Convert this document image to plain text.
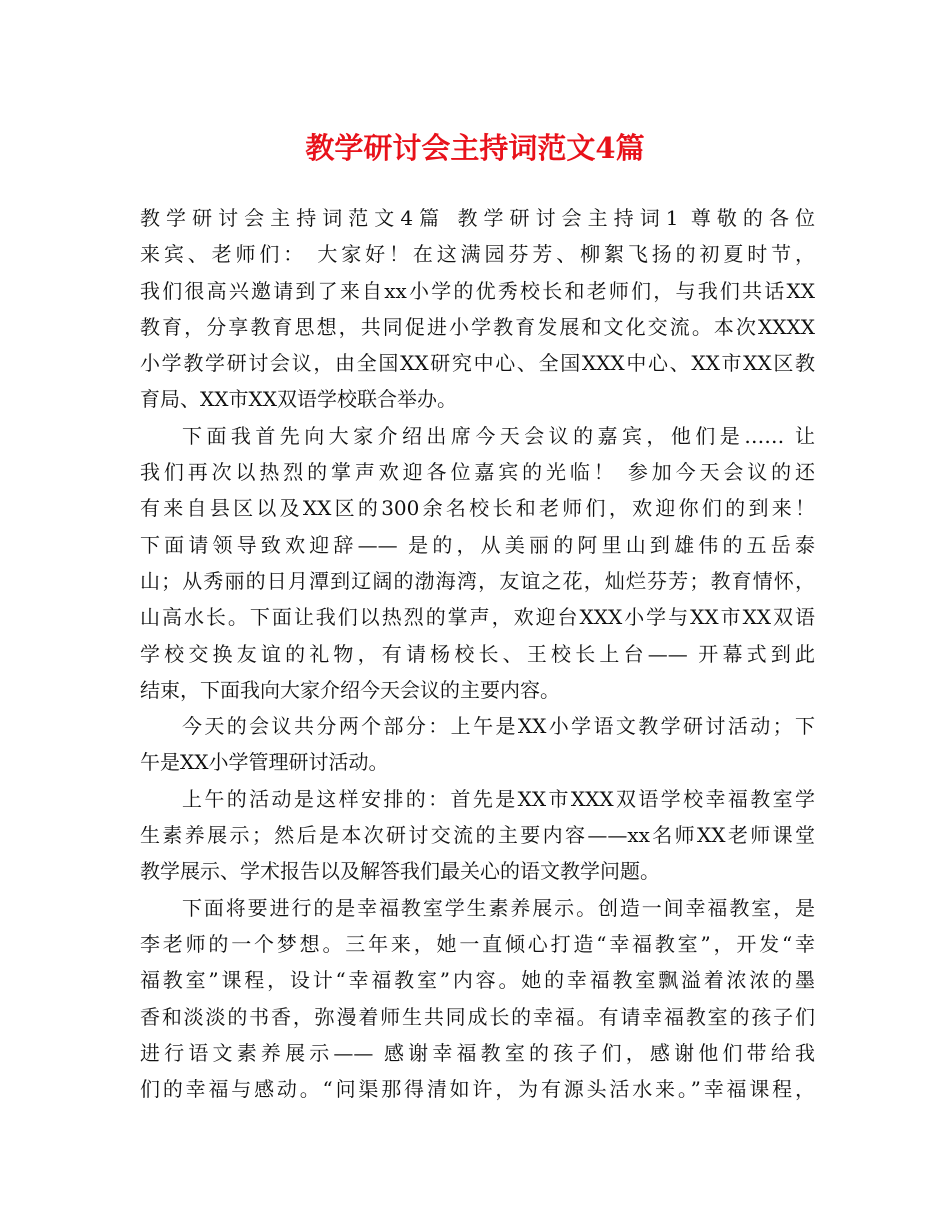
教学研讨会主持词范文4篇
教学研讨会主持词范文4篇 教学研讨会主持词1 尊敬的各位
来宾、老师们： 大家好！在这满园芬芳、柳絮飞扬的初夏时节，
我们很高兴邀请到了来自xx小学的优秀校长和老师们，与我们共话XX
教育，分享教育思想，共同促进小学教育发展和文化交流。本次XXXX
小学教学研讨会议，由全国XX研究中心、全国XXX中心、XX市XX区教
育局、XX市XX双语学校联合举办。
下面我首先向大家介绍出席今天会议的嘉宾，他们是…… 让
我们再次以热烈的掌声欢迎各位嘉宾的光临！ 参加今天会议的还
有来自县区以及XX区的300余名校长和老师们，欢迎你们的到来！
下面请领导致欢迎辞—— 是的，从美丽的阿里山到雄伟的五岳泰
山；从秀丽的日月潭到辽阔的渤海湾，友谊之花，灿烂芬芳；教育情怀，
山高水长。下面让我们以热烈的掌声，欢迎台XXX小学与XX市XX双语
学校交换友谊的礼物，有请杨校长、王校长上台—— 开幕式到此
结束，下面我向大家介绍今天会议的主要内容。
今天的会议共分两个部分：上午是XX小学语文教学研讨活动；下
午是XX小学管理研讨活动。
上午的活动是这样安排的：首先是XX市XXX双语学校幸福教室学
生素养展示；然后是本次研讨交流的主要内容——xx名师XX老师课堂
教学展示、学术报告以及解答我们最关心的语文教学问题。
下面将要进行的是幸福教室学生素养展示。创造一间幸福教室，是
李老师的一个梦想。三年来，她一直倾心打造“幸福教室”，开发“幸
福教室”课程，设计“幸福教室”内容。她的幸福教室飘溢着浓浓的墨
香和淡淡的书香，弥漫着师生共同成长的幸福。有请幸福教室的孩子们
进行语文素养展示—— 感谢幸福教室的孩子们，感谢他们带给我
们的幸福与感动。“问渠那得清如许，为有源头活水来。”幸福课程，
